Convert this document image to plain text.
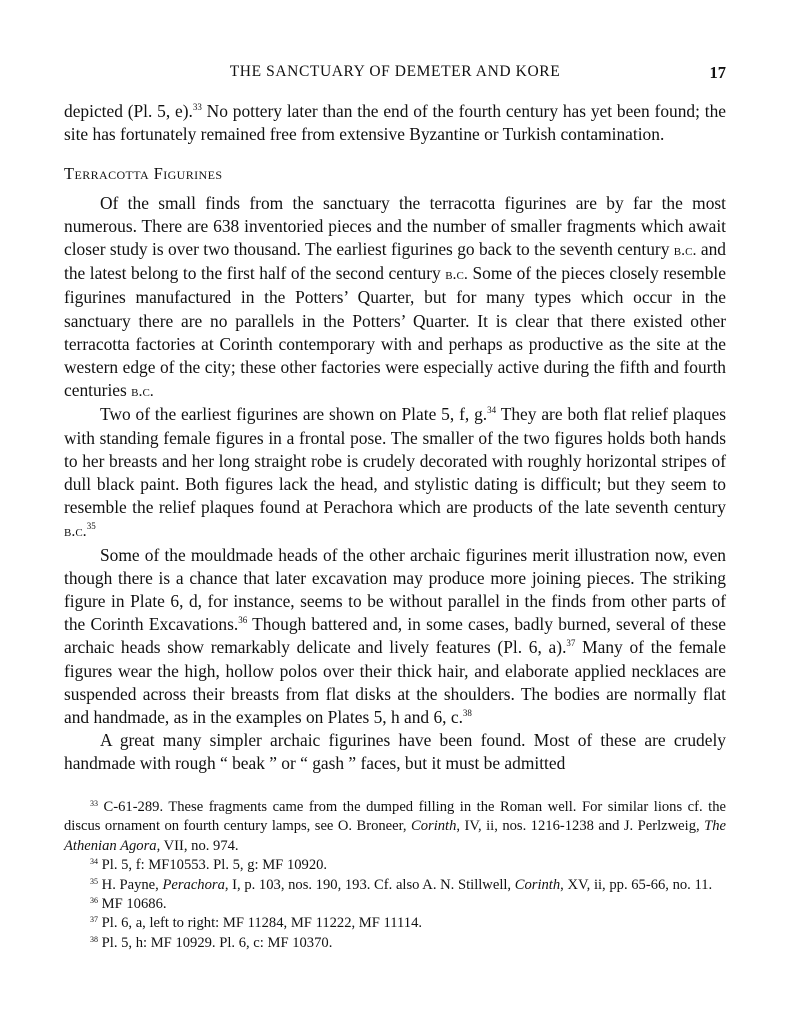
THE SANCTUARY OF DEMETER AND KORE	17

depicted (Pl. 5, e).$^{33}$ No pottery later than the end of the fourth century has yet been found; the site has fortunately remained free from extensive Byzantine or Turkish contamination.

Terracotta Figurines

Of the small finds from the sanctuary the terracotta figurines are by far the most numerous. There are 638 inventoried pieces and the number of smaller fragments which await closer study is over two thousand. The earliest figurines go back to the seventh century b.c. and the latest belong to the first half of the second century b.c. Some of the pieces closely resemble figurines manufactured in the Potters’ Quarter, but for many types which occur in the sanctuary there are no parallels in the Potters’ Quarter. It is clear that there existed other terracotta factories at Corinth contemporary with and perhaps as productive as the site at the western edge of the city; these other factories were especially active during the fifth and fourth centuries b.c.

Two of the earliest figurines are shown on Plate 5, f, g.$^{34}$ They are both flat relief plaques with standing female figures in a frontal pose. The smaller of the two figures holds both hands to her breasts and her long straight robe is crudely decorated with roughly horizontal stripes of dull black paint. Both figures lack the head, and stylistic dating is difficult; but they seem to resemble the relief plaques found at Perachora which are products of the late seventh century b.c.$^{35}$

Some of the mouldmade heads of the other archaic figurines merit illustration now, even though there is a chance that later excavation may produce more joining pieces. The striking figure in Plate 6, d, for instance, seems to be without parallel in the finds from other parts of the Corinth Excavations.$^{36}$ Though battered and, in some cases, badly burned, several of these archaic heads show remarkably delicate and lively features (Pl. 6, a).$^{37}$ Many of the female figures wear the high, hollow polos over their thick hair, and elaborate applied necklaces are suspended across their breasts from flat disks at the shoulders. The bodies are normally flat and handmade, as in the examples on Plates 5, h and 6, c.$^{38}$

A great many simpler archaic figurines have been found. Most of these are crudely handmade with rough “ beak ” or “ gash ” faces, but it must be admitted

$^{33}$ C-61-289. These fragments came from the dumped filling in the Roman well. For similar lions cf. the discus ornament on fourth century lamps, see O. Broneer, Corinth, IV, ii, nos. 1216-1238 and J. Perlzweig, The Athenian Agora, VII, no. 974.

$^{34}$ Pl. 5, f: MF10553. Pl. 5, g: MF 10920.

$^{35}$ H. Payne, Perachora, I, p. 103, nos. 190, 193. Cf. also A. N. Stillwell, Corinth, XV, ii, pp. 65-66, no. 11.

$^{36}$ MF 10686.

$^{37}$ Pl. 6, a, left to right: MF 11284, MF 11222, MF 11114.

$^{38}$ Pl. 5, h: MF 10929. Pl. 6, c: MF 10370.
